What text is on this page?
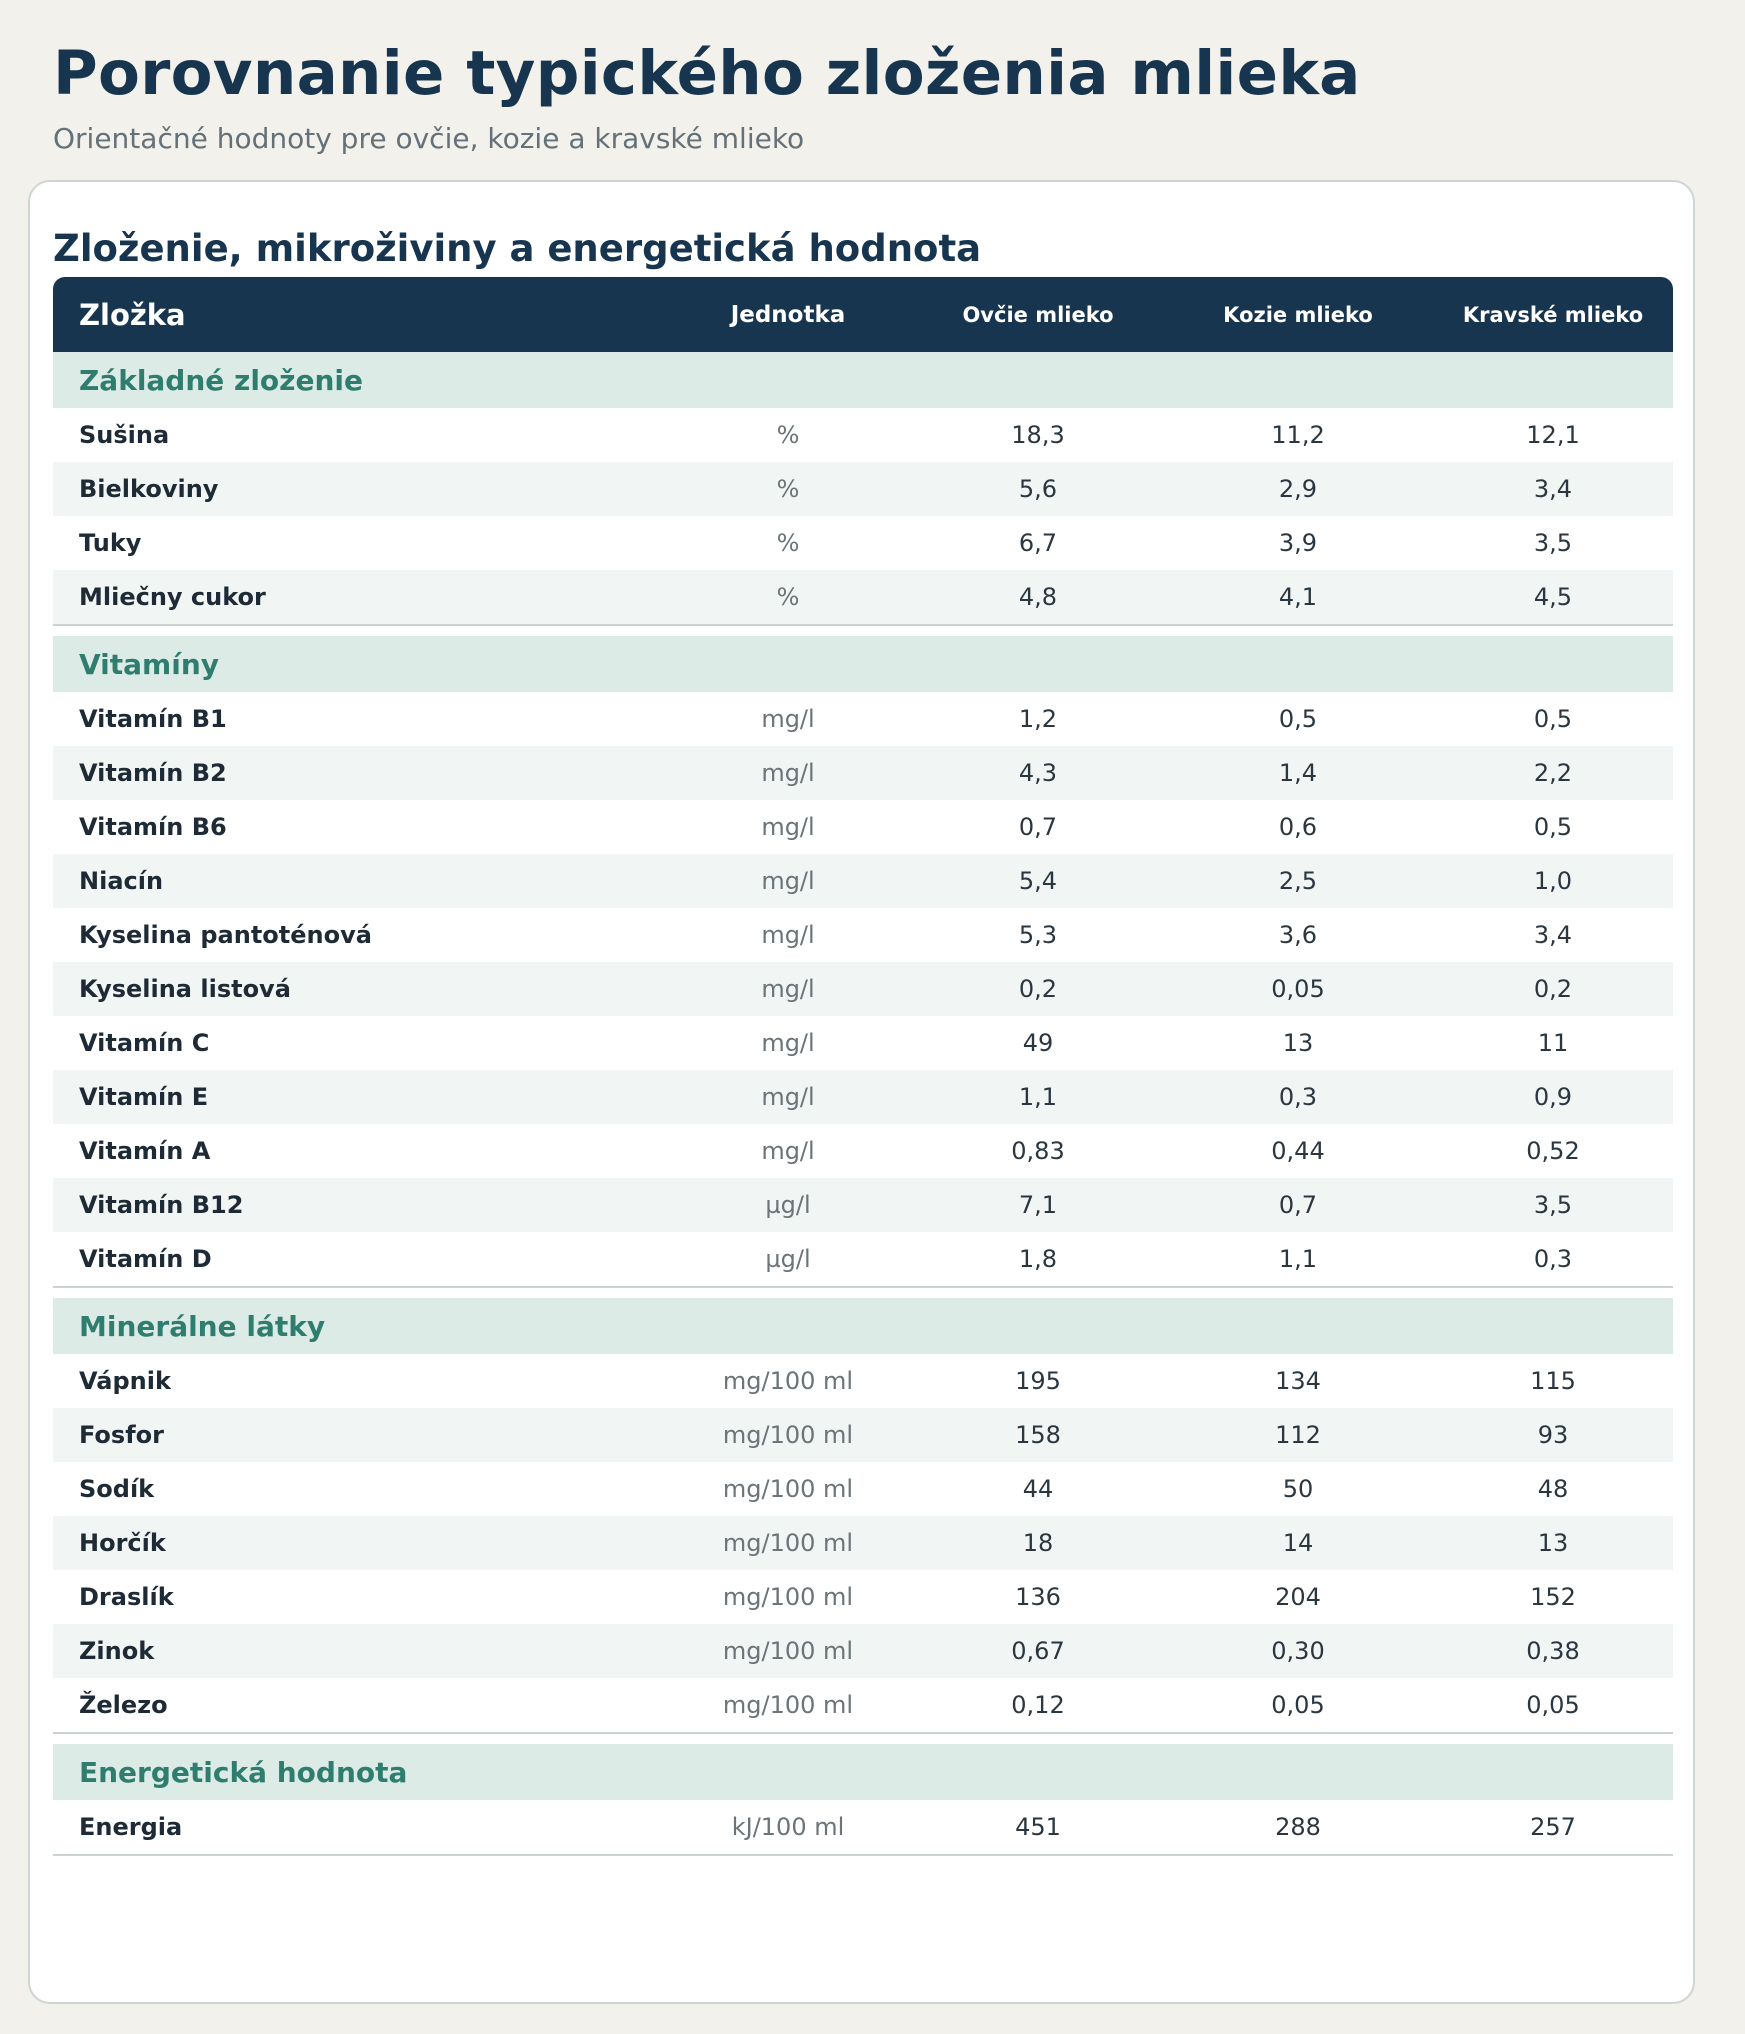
Porovnanie typického zloženia mlieka
Orientačné hodnoty pre ovčie, kozie a kravské mlieko
Zloženie, mikroživiny a energetická hodnota
Zložka	Jednotka	Ovčie mlieko	Kozie mlieko	Kravské mlieko
Základné zloženie
Sušina	%	18,3	11,2	12,1
Bielkoviny	%	5,6	2,9	3,4
Tuky	%	6,7	3,9	3,5
Mliečny cukor	%	4,8	4,1	4,5
Vitamíny
Vitamín B1	mg/l	1,2	0,5	0,5
Vitamín B2	mg/l	4,3	1,4	2,2
Vitamín B6	mg/l	0,7	0,6	0,5
Niacín	mg/l	5,4	2,5	1,0
Kyselina pantoténová	mg/l	5,3	3,6	3,4
Kyselina listová	mg/l	0,2	0,05	0,2
Vitamín C	mg/l	49	13	11
Vitamín E	mg/l	1,1	0,3	0,9
Vitamín A	mg/l	0,83	0,44	0,52
Vitamín B12	µg/l	7,1	0,7	3,5
Vitamín D	µg/l	1,8	1,1	0,3
Minerálne látky
Vápnik	mg/100 ml	195	134	115
Fosfor	mg/100 ml	158	112	93
Sodík	mg/100 ml	44	50	48
Horčík	mg/100 ml	18	14	13
Draslík	mg/100 ml	136	204	152
Zinok	mg/100 ml	0,67	0,30	0,38
Železo	mg/100 ml	0,12	0,05	0,05
Energetická hodnota
Energia	kJ/100 ml	451	288	257
